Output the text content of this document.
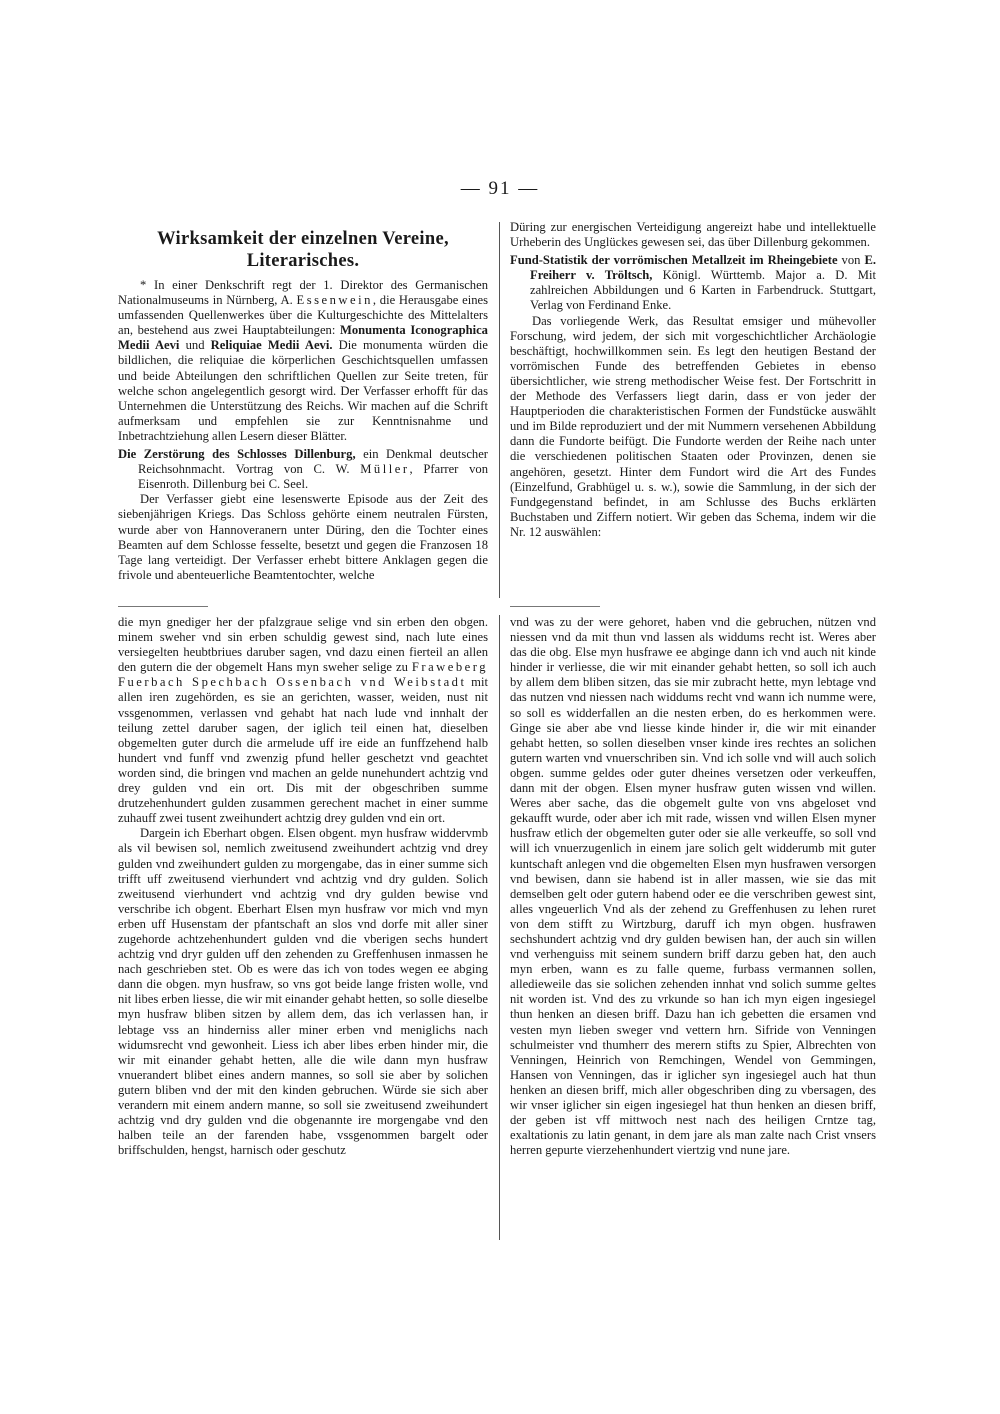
— 91 —
Wirksamkeit der einzelnen Vereine,
Literarisches.

* In einer Denkschrift regt der 1. Direktor des Germanischen Nationalmuseums in Nürnberg, A. Essenwein, die Herausgabe eines umfassenden Quellenwerkes über die Kulturgeschichte des Mittelalters an, bestehend aus zwei Hauptabteilungen: Monumenta Iconographica Medii Aevi und Reliquiae Medii Aevi. Die monumenta würden die bildlichen, die reliquiae die körperlichen Geschichtsquellen umfassen und beide Abteilungen den schriftlichen Quellen zur Seite treten, für welche schon angelegentlich gesorgt wird. Der Verfasser erhofft für das Unternehmen die Unterstützung des Reichs. Wir machen auf die Schrift aufmerksam und empfehlen sie zur Kenntnisnahme und Inbetrachtziehung allen Lesern dieser Blätter.

Die Zerstörung des Schlosses Dillenburg, ein Denkmal deutscher Reichsohnmacht. Vortrag von C. W. Müller, Pfarrer von Eisenroth. Dillenburg bei C. Seel.

Der Verfasser giebt eine lesenswerte Episode aus der Zeit des siebenjährigen Kriegs. Das Schloss gehörte einem neutralen Fürsten, wurde aber von Hannoveranern unter Düring, den die Tochter eines Beamten auf dem Schlosse fesselte, besetzt und gegen die Franzosen 18 Tage lang verteidigt. Der Verfasser erhebt bittere Anklagen gegen die frivole und abenteuerliche Beamtentochter, welche

Düring zur energischen Verteidigung angereizt habe und intellektuelle Urheberin des Unglückes gewesen sei, das über Dillenburg gekommen.

Fund-Statistik der vorrömischen Metallzeit im Rheingebiete von E. Freiherr v. Tröltsch, Königl. Württemb. Major a. D. Mit zahlreichen Abbildungen und 6 Karten in Farbendruck. Stuttgart, Verlag von Ferdinand Enke.

Das vorliegende Werk, das Resultat emsiger und mühevoller Forschung, wird jedem, der sich mit vorgeschichtlicher Archäologie beschäftigt, hochwillkommen sein. Es legt den heutigen Bestand der vorrömischen Funde des betreffenden Gebietes in ebenso übersichtlicher, wie streng methodischer Weise fest. Der Fortschritt in der Methode des Verfassers liegt darin, dass er von jeder der Hauptperioden die charakteristischen Formen der Fundstücke auswählt und im Bilde reproduziert und der mit Nummern versehenen Abbildung dann die Fundorte beifügt. Die Fundorte werden der Reihe nach unter die verschiedenen politischen Staaten oder Provinzen, denen sie angehören, gesetzt. Hinter dem Fundort wird die Art des Fundes (Einzelfund, Grabhügel u. s. w.), sowie die Sammlung, in der sich der Fundgegenstand befindet, in am Schlusse des Buchs erklärten Buchstaben und Ziffern notiert. Wir geben das Schema, indem wir die Nr. 12 auswählen:

die myn gnediger her der pfalzgraue selige vnd sin erben den obgen. minem sweher vnd sin erben schuldig gewest sind, nach lute eines versiegelten heubtbriues daruber sagen, vnd dazu einen fierteil an allen den gutern die der obgemelt Hans myn sweher selige zu Fraweberg Fuerbach Spechbach Ossenbach vnd Weibstadt mit allen iren zugehörden, es sie an gerichten, wasser, weiden, nust nit vssgenommen, verlassen vnd gehabt hat nach lude vnd innhalt der teilung zettel daruber sagen, der iglich teil einen hat, dieselben obgemelten guter durch die armelude uff ire eide an funffzehend halb hundert vnd funff vnd zwenzig pfund heller geschetzt vnd geachtet worden sind, die bringen vnd machen an gelde nunehundert achtzig vnd drey gulden vnd ein ort. Dis mit der obgeschriben summe drutzehenhundert gulden zusammen gerechent machet in einer summe zuhauff zwei tusent zweihundert achtzig drey gulden vnd ein ort.

Dargein ich Eberhart obgen. Elsen obgent. myn husfraw widdervmb als vil bewisen sol, nemlich zweitusend zweihundert achtzig vnd drey gulden vnd zweihundert gulden zu morgengabe, das in einer summe sich trifft uff zweitusend vierhundert vnd achtzig vnd dry gulden. Solich zweitusend vierhundert vnd achtzig vnd dry gulden bewise vnd verschribe ich obgent. Eberhart Elsen myn husfraw vor mich vnd myn erben uff Husenstam der pfantschaft an slos vnd dorfe mit aller siner zugehorde achtzehenhundert gulden vnd die vberigen sechs hundert achtzig vnd dryr gulden uff den zehenden zu Greffenhusen inmassen he nach geschrieben stet. Ob es were das ich von todes wegen ee abging dann die obgen. myn husfraw, so vns got beide lange fristen wolle, vnd nit libes erben liesse, die wir mit einander gehabt hetten, so solle dieselbe myn husfraw bliben sitzen by allem dem, das ich verlassen han, ir lebtage vss an hinderniss aller miner erben vnd meniglichs nach widumsrecht vnd gewonheit. Liess ich aber libes erben hinder mir, die wir mit einander gehabt hetten, alle die wile dann myn husfraw vnuerandert blibet eines andern mannes, so soll sie aber by solichen gutern bliben vnd der mit den kinden gebruchen. Würde sie sich aber verandern mit einem andern manne, so soll sie zweitusend zweihundert achtzig vnd dry gulden vnd die obgenannte ire morgengabe vnd den halben teile an der farenden habe, vssgenommen bargelt oder briffschulden, hengst, harnisch oder geschutz

vnd was zu der were gehoret, haben vnd die gebruchen, nützen vnd niessen vnd da mit thun vnd lassen als widdums recht ist. Weres aber das die obg. Else myn husfrawe ee abginge dann ich vnd auch nit kinde hinder ir verliesse, die wir mit einander gehabt hetten, so soll ich auch by allem dem bliben sitzen, das sie mir zubracht hette, myn lebtage vnd das nutzen vnd niessen nach widdums recht vnd wann ich numme were, so soll es widderfallen an die nesten erben, do es herkommen were. Ginge sie aber abe vnd liesse kinde hinder ir, die wir mit einander gehabt hetten, so sollen dieselben vnser kinde ires rechtes an solichen gutern warten vnd vnuerschriben sin. Vnd ich solle vnd will auch solich obgen. summe geldes oder guter dheines versetzen oder verkeuffen, dann mit der obgen. Elsen myner husfraw guten wissen vnd willen. Weres aber sache, das die obgemelt gulte von vns abgeloset vnd gekaufft wurde, oder aber ich mit rade, wissen vnd willen Elsen myner husfraw etlich der obgemelten guter oder sie alle verkeuffe, so soll vnd will ich vnuerzugenlich in einem jare solich gelt widderumb mit guter kuntschaft anlegen vnd die obgemelten Elsen myn husfrawen versorgen vnd bewisen, dann sie habend ist in aller massen, wie sie das mit demselben gelt oder gutern habend oder ee die verschriben gewest sint, alles vngeuerlich Vnd als der zehend zu Greffenhusen zu lehen ruret von dem stifft zu Wirtzburg, daruff ich myn obgen. husfrawen sechshundert achtzig vnd dry gulden bewisen han, der auch sin willen vnd verhenguiss mit seinem sundern briff darzu geben hat, den auch myn erben, wann es zu falle queme, furbass vermannen sollen, alledieweile das sie solichen zehenden innhat vnd solich summe geltes nit worden ist. Vnd des zu vrkunde so han ich myn eigen ingesiegel thun henken an diesen briff. Dazu han ich gebetten die ersamen vnd vesten myn lieben sweger vnd vettern hrn. Sifride von Venningen schulmeister vnd thumherr des merern stifts zu Spier, Albrechten von Venningen, Heinrich von Remchingen, Wendel von Gemmingen, Hansen von Venningen, das ir iglicher syn ingesiegel auch hat thun henken an diesen briff, mich aller obgeschriben ding zu vbersagen, des wir vnser iglicher sin eigen ingesiegel hat thun henken an diesen briff, der geben ist vff mittwoch nest nach des heiligen Crntze tag, exaltationis zu latin genant, in dem jare als man zalte nach Crist vnsers herren gepurte vierzehenhundert viertzig vnd nune jare.
